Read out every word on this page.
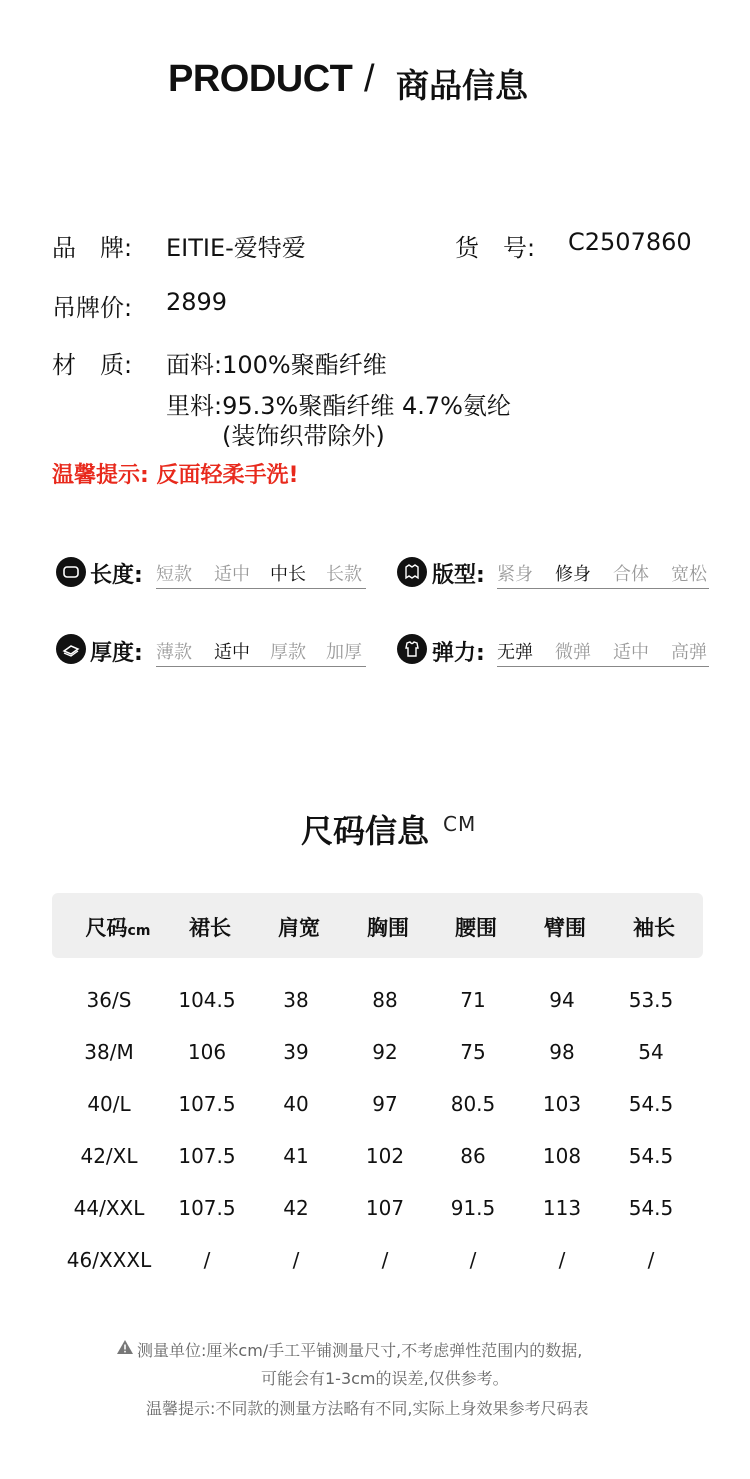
PRODUCT / 商品信息
品　牌: EITIE-爱特爱	货　号: C2507860
吊牌价: 2899
材　质: 面料:100%聚酯纤维
里料:95.3%聚酯纤维 4.7%氨纶
(装饰织带除外)
温馨提示: 反面轻柔手洗!
长度: 短款	适中	中长	长款	版型: 紧身	修身	合体	宽松
厚度: 薄款	适中	厚款	加厚	弹力: 无弹	微弹	适中	高弹
尺码信息 CM
尺码cm	裙长	肩宽	胸围	腰围	臂围	袖长
36/S	104.5	38	88	71	94	53.5
38/M	106	39	92	75	98	54
40/L	107.5	40	97	80.5	103	54.5
42/XL	107.5	41	102	86	108	54.5
44/XXL	107.5	42	107	91.5	113	54.5
46/XXXL	/	/	/	/	/	/
测量单位:厘米cm/手工平铺测量尺寸,不考虑弹性范围内的数据,
可能会有1-3cm的误差,仅供参考。
温馨提示:不同款的测量方法略有不同,实际上身效果参考尺码表
